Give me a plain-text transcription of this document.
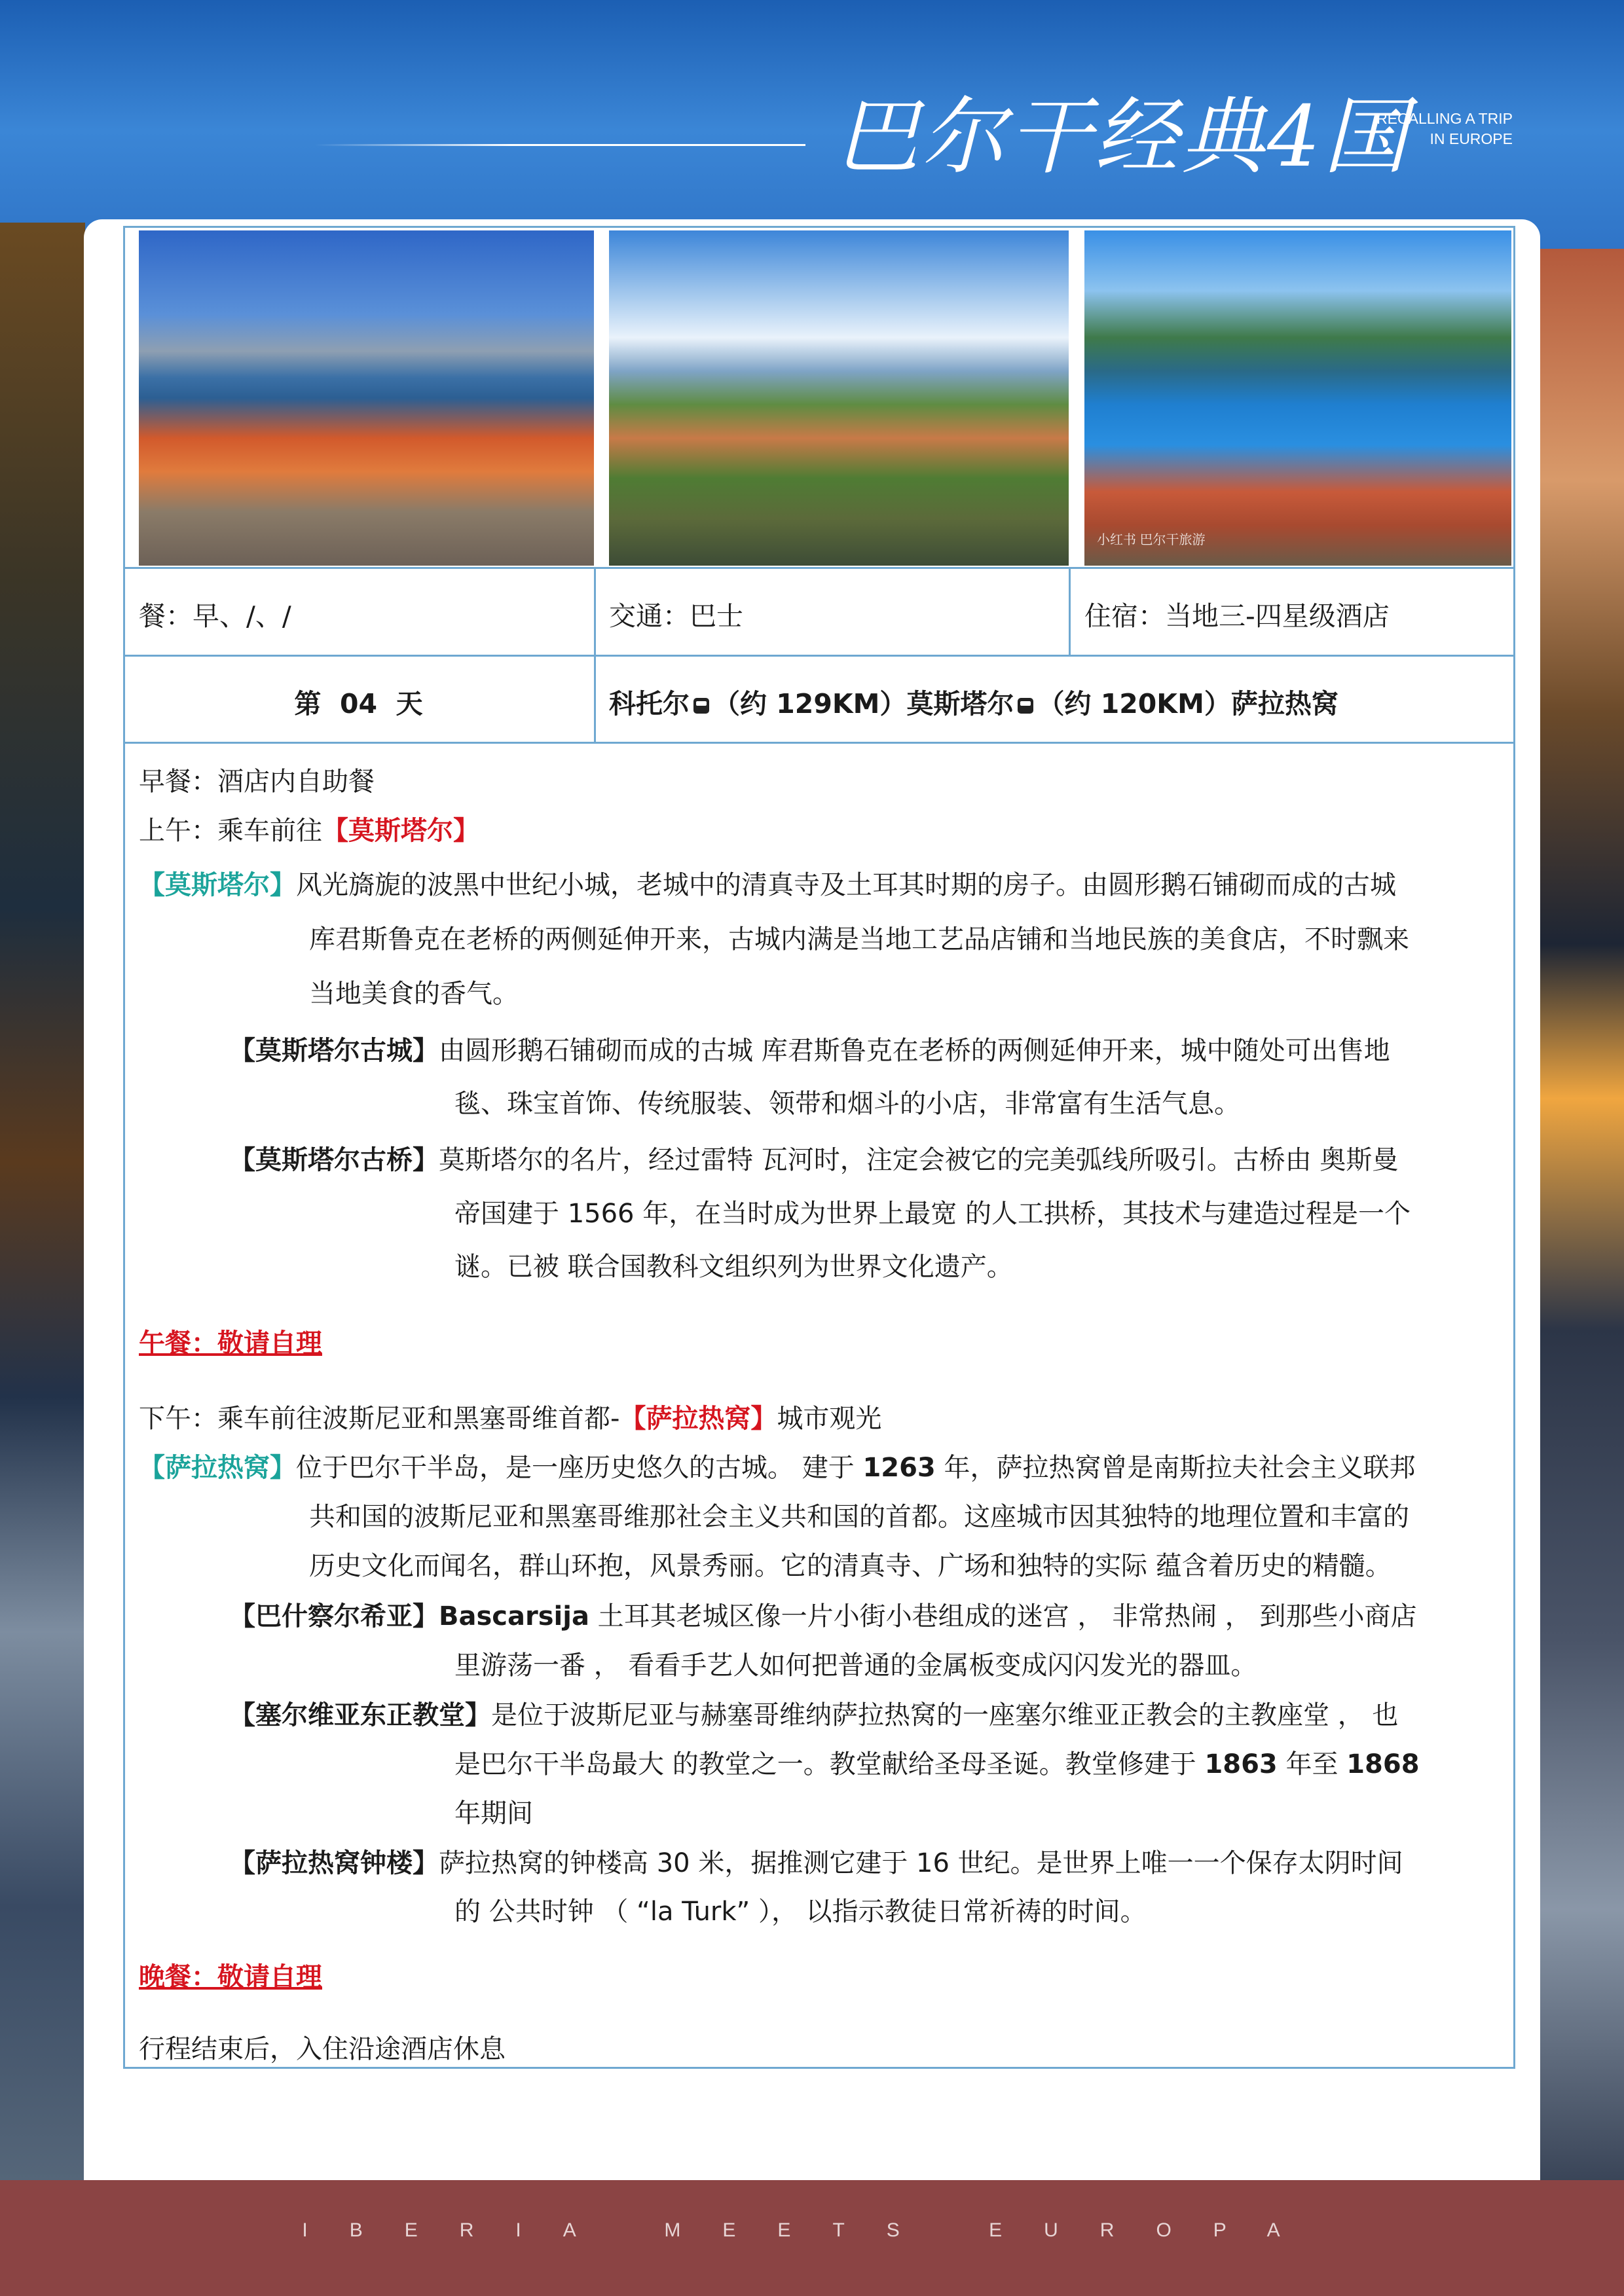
巴尔干经典4国
RECALLING A TRIP
IN EUROPE
小红书 巴尔干旅游
餐：早、/、/	交通：巴士	住宿：当地三-四星级酒店
第  04  天	科托尔 （约 129KM）莫斯塔尔 （约 120KM）萨拉热窝
早餐：酒店内自助餐
上午：乘车前往【莫斯塔尔】
【莫斯塔尔】风光旖旎的波黑中世纪小城，老城中的清真寺及土耳其时期的房子。由圆形鹅石铺砌而成的古城
库君斯鲁克在老桥的两侧延伸开来，古城内满是当地工艺品店铺和当地民族的美食店，不时飘来
当地美食的香气。
【莫斯塔尔古城】由圆形鹅石铺砌而成的古城 库君斯鲁克在老桥的两侧延伸开来，城中随处可出售地
毯、珠宝首饰、传统服装、领带和烟斗的小店，非常富有生活气息。
【莫斯塔尔古桥】莫斯塔尔的名片，经过雷特 瓦河时，注定会被它的完美弧线所吸引。古桥由 奥斯曼
帝国建于 1566 年，在当时成为世界上最宽 的人工拱桥，其技术与建造过程是一个
谜。已被 联合国教科文组织列为世界文化遗产。
午餐：敬请自理
下午：乘车前往波斯尼亚和黑塞哥维首都-【萨拉热窝】城市观光
【萨拉热窝】位于巴尔干半岛，是一座历史悠久的古城。 建于 1263 年，萨拉热窝曾是南斯拉夫社会主义联邦
共和国的波斯尼亚和黑塞哥维那社会主义共和国的首都。这座城市因其独特的地理位置和丰富的
历史文化而闻名，群山环抱，风景秀丽。它的清真寺、广场和独特的实际 蕴含着历史的精髓。
【巴什察尔希亚】Bascarsija 土耳其老城区像一片小街小巷组成的迷宫 ， 非常热闹 ， 到那些小商店
里游荡一番 ， 看看手艺人如何把普通的金属板变成闪闪发光的器皿。
【塞尔维亚东正教堂】是位于波斯尼亚与赫塞哥维纳萨拉热窝的一座塞尔维亚正教会的主教座堂 ， 也
是巴尔干半岛最大 的教堂之一。教堂献给圣母圣诞。教堂修建于 1863 年至 1868
年期间
【萨拉热窝钟楼】萨拉热窝的钟楼高 30 米，据推测它建于 16 世纪。是世界上唯一一个保存太阴时间
的 公共时钟 （ “la Turk” ）， 以指示教徒日常祈祷的时间。
晚餐：敬请自理
行程结束后，入住沿途酒店休息
IBERIA MEETS EUROPA
